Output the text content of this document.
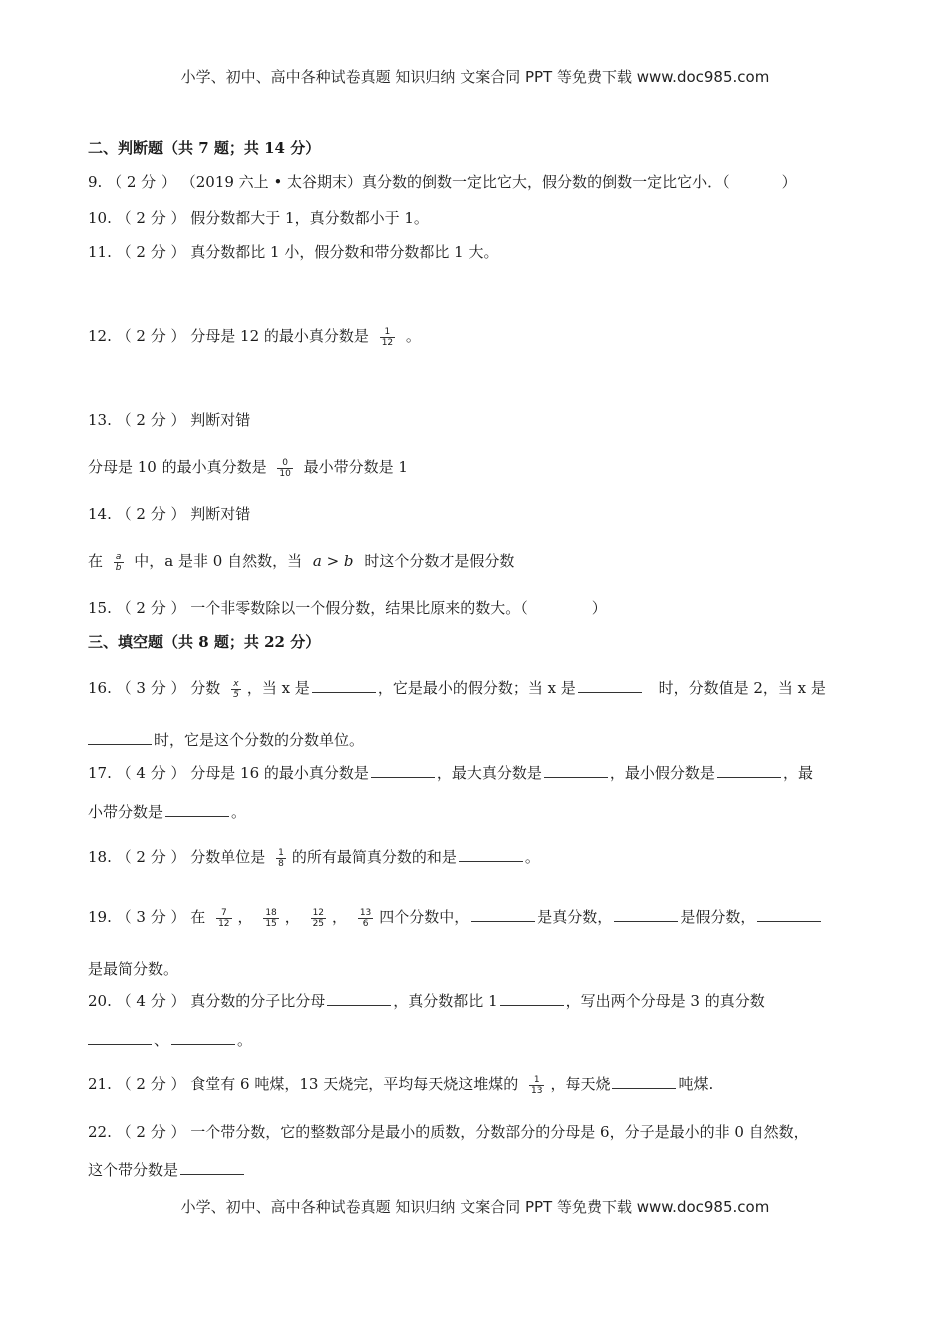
小学、初中、高中各种试卷真题 知识归纳 文案合同 PPT 等免费下载 www.doc985.com
二、判断题（共 7 题；共 14 分）
9. （ 2 分 ） （2019 六上 • 太谷期末）真分数的倒数一定比它大，假分数的倒数一定比它小．（	）
10. （ 2 分 ） 假分数都大于 1，真分数都小于 1。
11. （ 2 分 ） 真分数都比 1 小，假分数和带分数都比 1 大。
12. （ 2 分 ） 分母是 12 的最小真分数是 $\frac{1}{12}$ 。
13. （ 2 分 ） 判断对错
分母是 10 的最小真分数是 $\frac{0}{10}$ 最小带分数是 1
14. （ 2 分 ） 判断对错
在 $\frac{a}{b}$ 中，a 是非 0 自然数，当 a > b 时这个分数才是假分数
15. （ 2 分 ） 一个非零数除以一个假分数，结果比原来的数大。（	）
三、填空题（共 8 题；共 22 分）
16. （ 3 分 ） 分数 $\frac{x}{5}$ ，当 x 是	，它是最小的假分数；当 x 是	时，分数值是 2，当 x 是
时，它是这个分数的分数单位。
17. （ 4 分 ） 分母是 16 的最小真分数是	，最大真分数是	，最小假分数是	，最
小带分数是	。
18. （ 2 分 ） 分数单位是 $\frac{1}{8}$ 的所有最简真分数的和是	。
19. （ 3 分 ） 在 $\frac{7}{12}$ ， $\frac{18}{15}$ ， $\frac{12}{25}$ ， $\frac{13}{6}$ 四个分数中，	是真分数，	是假分数，
是最简分数。
20. （ 4 分 ） 真分数的分子比分母	，真分数都比 1	，写出两个分母是 3 的真分数
、	。
21. （ 2 分 ） 食堂有 6 吨煤，13 天烧完，平均每天烧这堆煤的 $\frac{1}{13}$ ，每天烧	吨煤.
22. （ 2 分 ） 一个带分数，它的整数部分是最小的质数，分数部分的分母是 6，分子是最小的非 0 自然数，
这个带分数是
小学、初中、高中各种试卷真题 知识归纳 文案合同 PPT 等免费下载 www.doc985.com
